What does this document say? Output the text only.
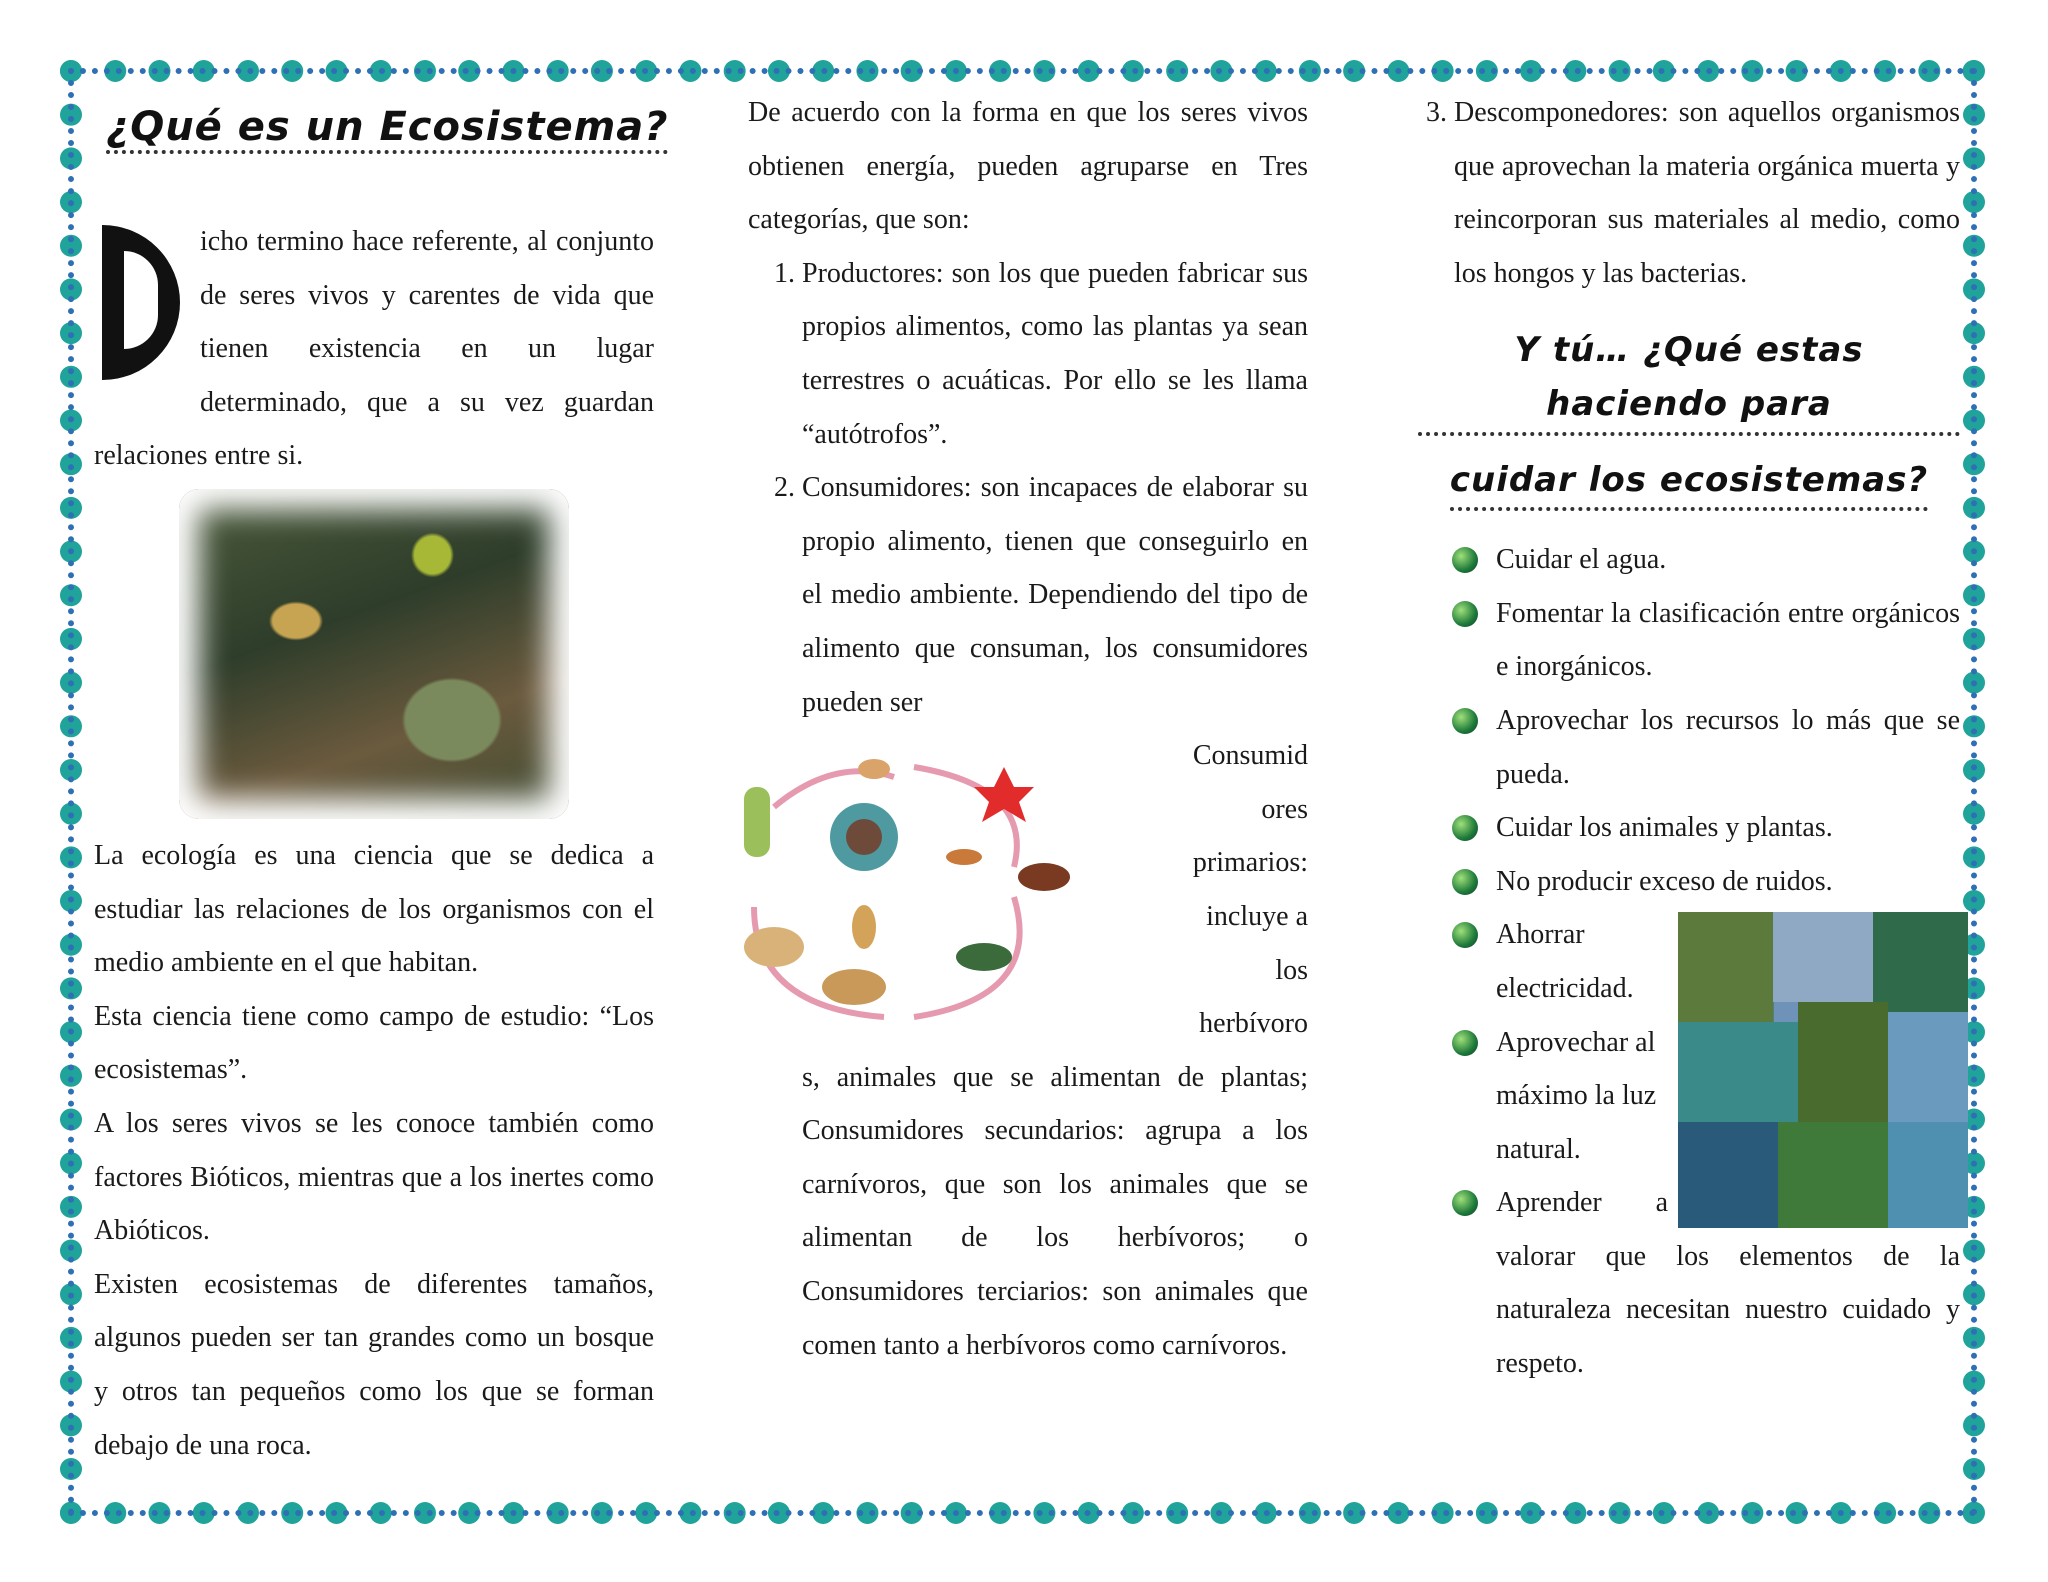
¿Qué es un Ecosistema?

icho termino hace referente, al conjunto de seres vivos y carentes de vida que tienen existencia en un lugar determinado, que a su vez guardan relaciones entre si.

La ecología es una ciencia que se dedica a estudiar las relaciones de los organismos con el medio ambiente en el que habitan.

Esta ciencia tiene como campo de estudio: “Los ecosistemas”.

A los seres vivos se les conoce también como factores Bióticos, mientras que a los inertes como Abióticos.

Existen ecosistemas de diferentes tamaños, algunos pueden ser tan grandes como un bosque y otros tan pequeños como los que se forman debajo de una roca.

De acuerdo con la forma en que los seres vivos obtienen energía, pueden agruparse en Tres categorías, que son:

1. Productores: son los que pueden fabricar sus propios alimentos, como las plantas ya sean terrestres o acuáticas. Por ello se les llama “autótrofos”.
2. Consumidores: son incapaces de elaborar su propio alimento, tienen que conseguirlo en el medio ambiente. Dependiendo del tipo de alimento que consuman, los consumidores pueden ser
Consumid
ores
primarios:
incluye a
los
herbívoro

s, animales que se alimentan de plantas; Consumidores secundarios: agrupa a los carnívoros, que son los animales que se alimentan de los herbívoros; o Consumidores terciarios: son animales que comen tanto a herbívoros como carnívoros.

3. Descomponedores: son aquellos organismos que aprovechan la materia orgánica muerta y reincorporan sus materiales al medio, como los hongos y las bacterias.
Y tú… ¿Qué estas haciendo para
cuidar los ecosistemas?
Cuidar el agua.
Fomentar la clasificación entre orgánicos e inorgánicos.
Aprovechar los recursos lo más que se pueda.
Cuidar los animales y plantas.
No producir exceso de ruidos.
Ahorrar electricidad.
Aprovechar al máximo la luz natural.
Aprender a valorar que los elementos de la naturaleza necesitan nuestro cuidado y respeto.
